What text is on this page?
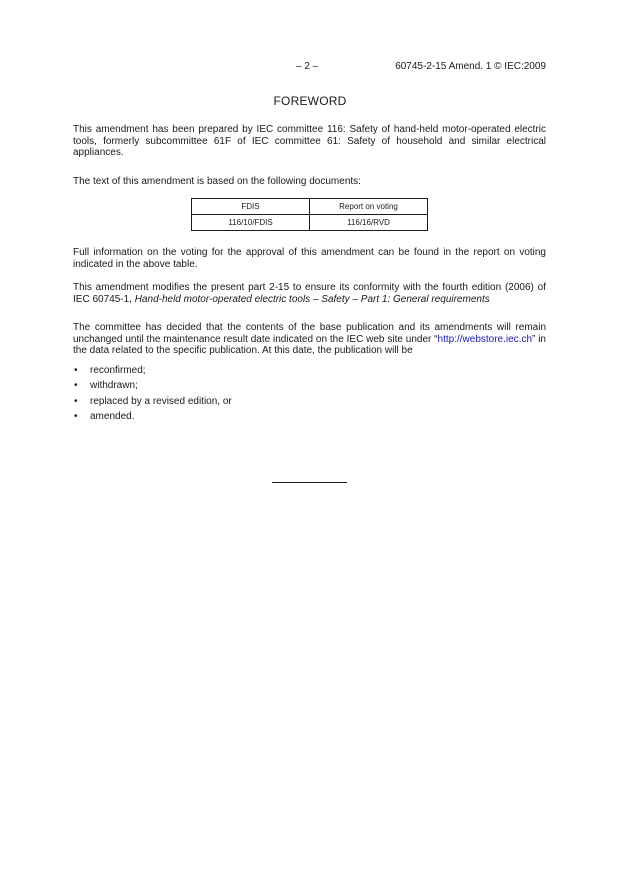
– 2 –	60745-2-15 Amend. 1 © IEC:2009
FOREWORD

This amendment has been prepared by IEC committee 116: Safety of hand-held motor-operated electric tools, formerly subcommittee 61F of IEC committee 61: Safety of household and similar electrical appliances.

The text of this amendment is based on the following documents:

FDIS	Report on voting
116/10/FDIS	116/16/RVD

Full information on the voting for the approval of this amendment can be found in the report on voting indicated in the above table.

This amendment modifies the present part 2-15 to ensure its conformity with the fourth edition (2006) of IEC 60745-1, Hand-held motor-operated electric tools – Safety – Part 1: General requirements

The committee has decided that the contents of the base publication and its amendments will remain unchanged until the maintenance result date indicated on the IEC web site under “http://webstore.iec.ch” in the data related to the specific publication. At this date, the publication will be

• reconfirmed;
• withdrawn;
• replaced by a revised edition, or
• amended.
